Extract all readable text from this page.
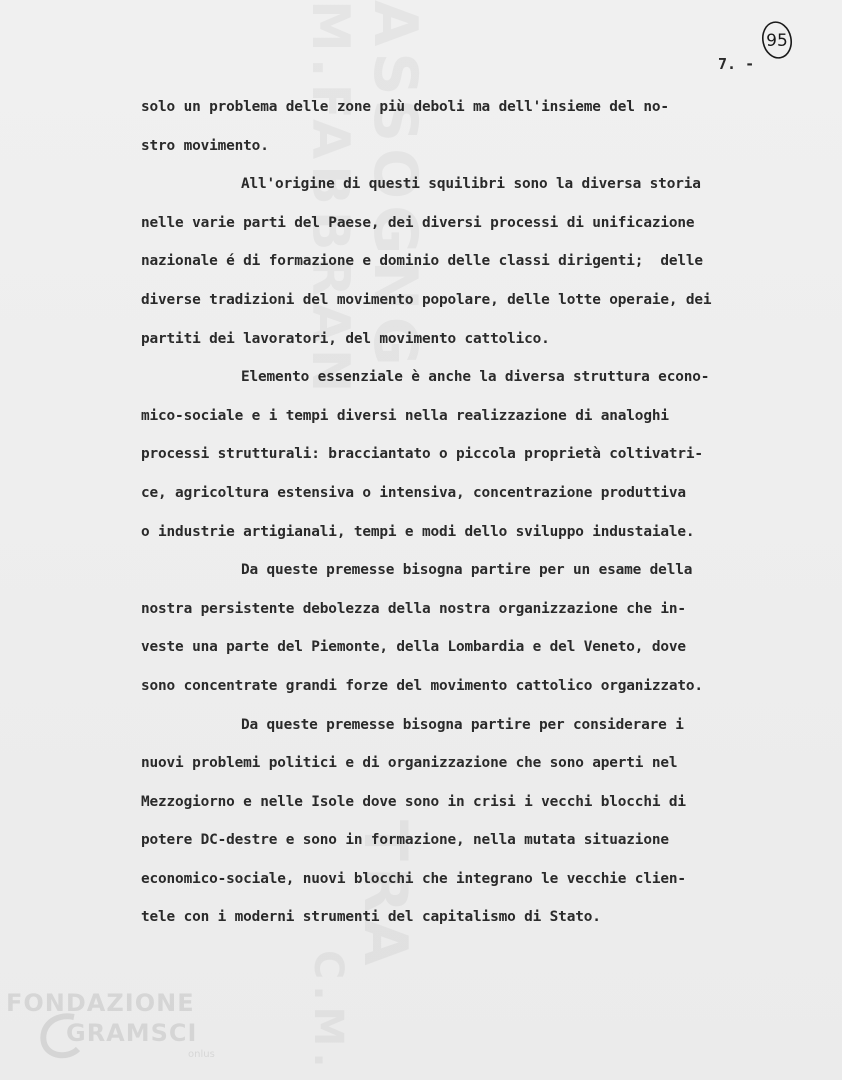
7. -
95
solo un problema delle zone più deboli ma dell'insieme del no-
stro movimento.
All'origine di questi squilibri sono la diversa storia
nelle varie parti del Paese, dei diversi processi di unificazione
nazionale é di formazione e dominio delle classi dirigenti;  delle
diverse tradizioni del movimento popolare, delle lotte operaie, dei
partiti dei lavoratori, del movimento cattolico.
Elemento essenziale è anche la diversa struttura econo-
mico-sociale e i tempi diversi nella realizzazione di analoghi
processi strutturali: bracciantato o piccola proprietà coltivatri-
ce, agricoltura estensiva o intensiva, concentrazione produttiva
o industrie artigianali, tempi e modi dello sviluppo industaiale.
Da queste premesse bisogna partire per un esame della
nostra persistente debolezza della nostra organizzazione che in-
veste una parte del Piemonte, della Lombardia e del Veneto, dove
sono concentrate grandi forze del movimento cattolico organizzato.
Da queste premesse bisogna partire per considerare i
nuovi problemi politici e di organizzazione che sono aperti nel
Mezzogiorno e nelle Isole dove sono in crisi i vecchi blocchi di
potere DC-destre e sono in formazione, nella mutata situazione
economico-sociale, nuovi blocchi che integrano le vecchie clien-
tele con i moderni strumenti del capitalismo di Stato.
FONDAZIONE
GRAMSCI
onlus
